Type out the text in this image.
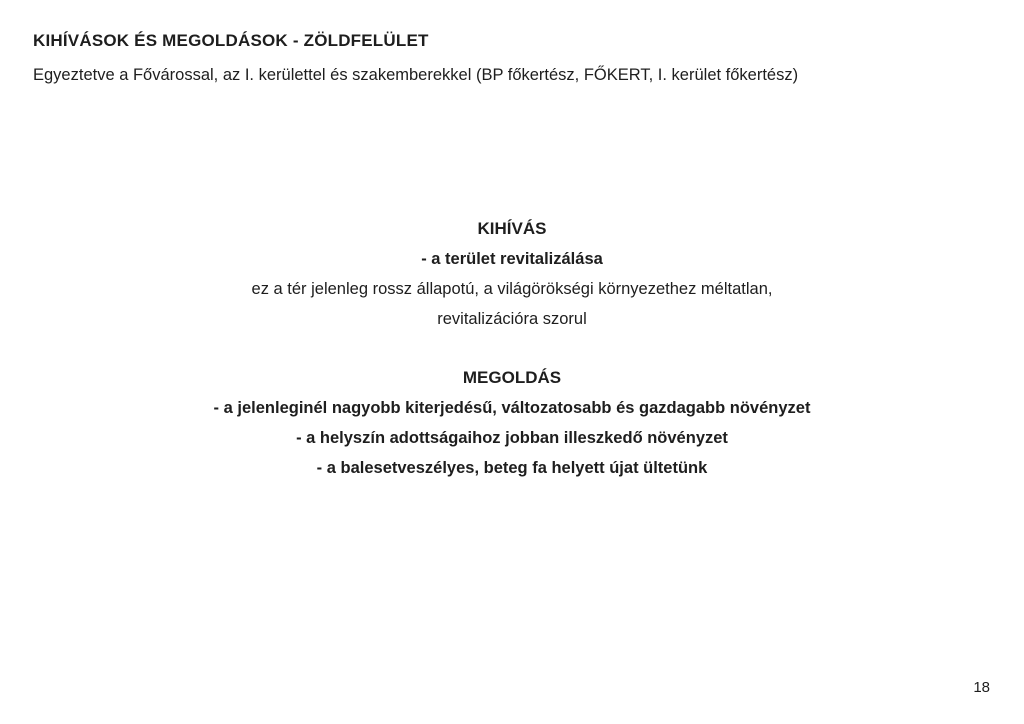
KIHÍVÁSOK ÉS MEGOLDÁSOK - ZÖLDFELÜLET
Egyeztetve a Fővárossal, az I. kerülettel és szakemberekkel (BP főkertész, FŐKERT, I. kerület főkertész)
KIHÍVÁS
- a terület revitalizálása
ez a tér jelenleg rossz állapotú, a világörökségi környezethez méltatlan,
revitalizációra szorul
MEGOLDÁS
- a jelenleginél nagyobb kiterjedésű, változatosabb és gazdagabb növényzet
- a helyszín adottságaihoz jobban illeszkedő növényzet
- a balesetveszélyes, beteg fa helyett újat ültetünk
18
